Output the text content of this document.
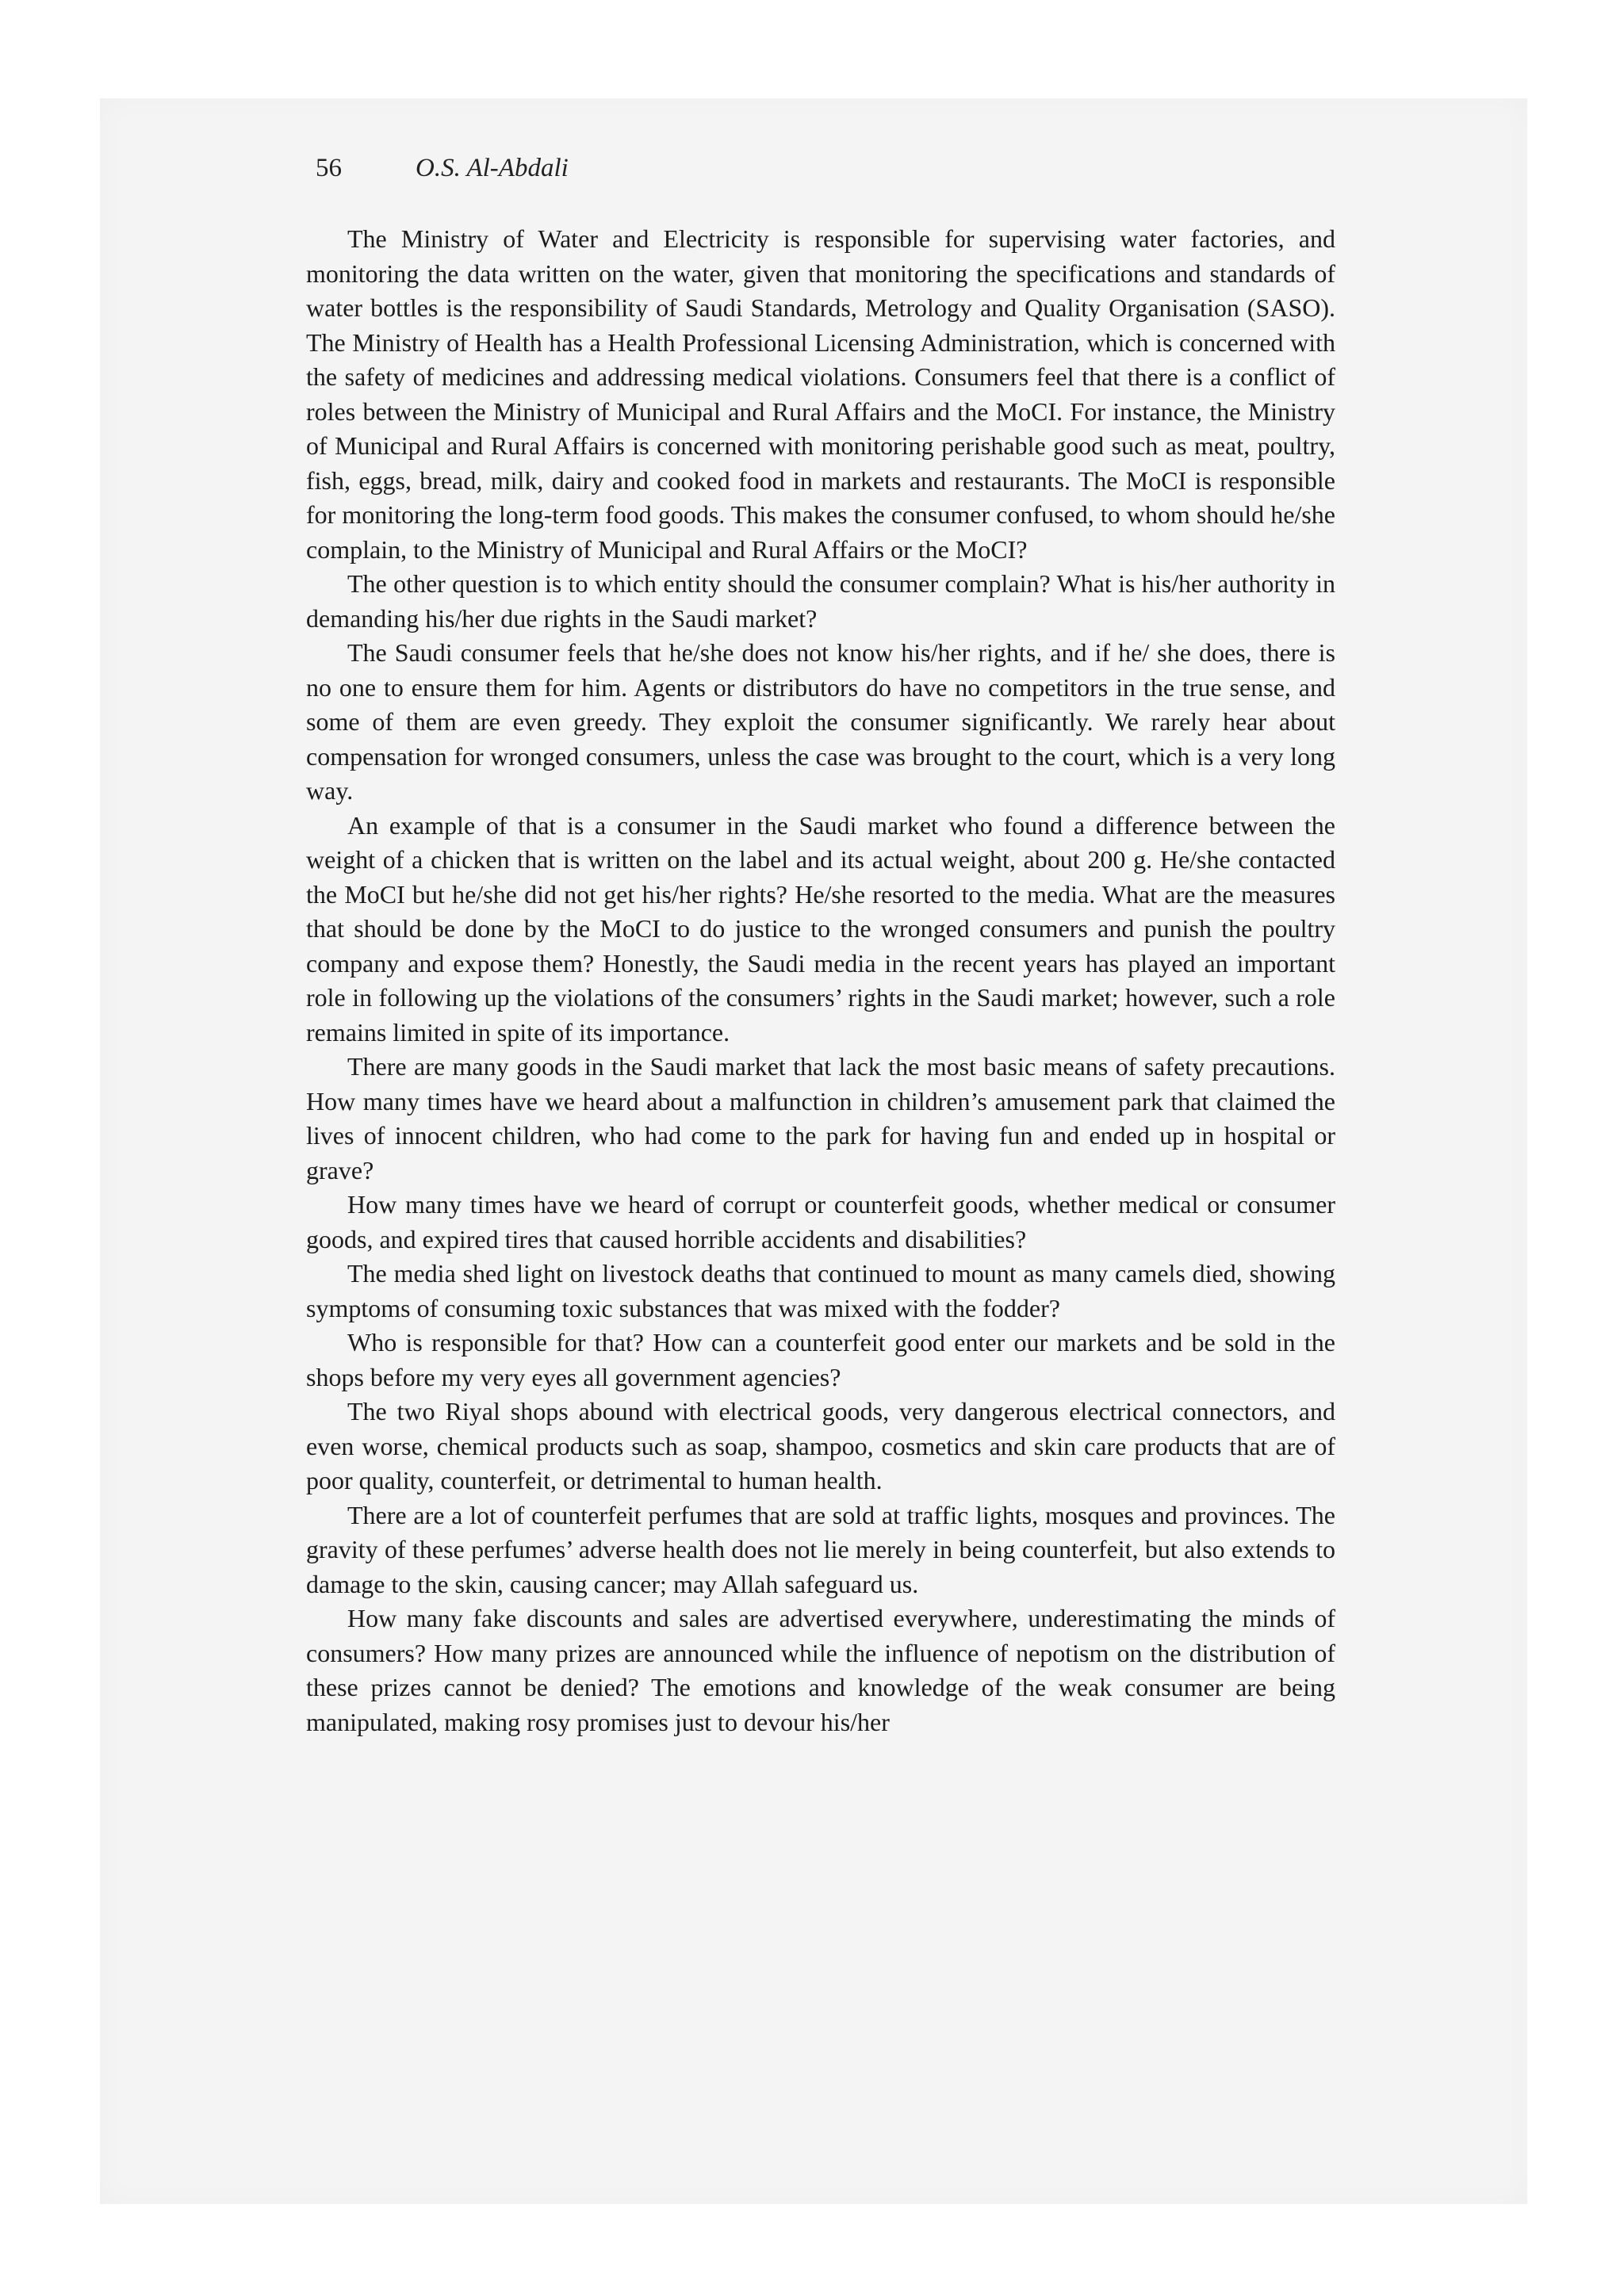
56	O.S. Al-Abdali

The Ministry of Water and Electricity is responsible for supervising water factories, and monitoring the data written on the water, given that monitoring the specifications and standards of water bottles is the responsibility of Saudi Standards, Metrology and Quality Organisation (SASO). The Ministry of Health has a Health Professional Licensing Administration, which is concerned with the safety of medicines and addressing medical violations. Consumers feel that there is a conflict of roles between the Ministry of Municipal and Rural Affairs and the MoCI. For instance, the Ministry of Municipal and Rural Affairs is concerned with monitoring perishable good such as meat, poultry, fish, eggs, bread, milk, dairy and cooked food in markets and restaurants. The MoCI is responsible for monitoring the long-term food goods. This makes the consumer confused, to whom should he/she complain, to the Ministry of Municipal and Rural Affairs or the MoCI?

The other question is to which entity should the consumer complain? What is his/her authority in demanding his/her due rights in the Saudi market?

The Saudi consumer feels that he/she does not know his/her rights, and if he/ she does, there is no one to ensure them for him. Agents or distributors do have no competitors in the true sense, and some of them are even greedy. They exploit the consumer significantly. We rarely hear about compensation for wronged consumers, unless the case was brought to the court, which is a very long way.

An example of that is a consumer in the Saudi market who found a difference between the weight of a chicken that is written on the label and its actual weight, about 200 g. He/she contacted the MoCI but he/she did not get his/her rights? He/she resorted to the media. What are the measures that should be done by the MoCI to do justice to the wronged consumers and punish the poultry company and expose them? Honestly, the Saudi media in the recent years has played an important role in following up the violations of the consumers’ rights in the Saudi market; however, such a role remains limited in spite of its importance.

There are many goods in the Saudi market that lack the most basic means of safety precautions. How many times have we heard about a malfunction in children’s amusement park that claimed the lives of innocent children, who had come to the park for having fun and ended up in hospital or grave?

How many times have we heard of corrupt or counterfeit goods, whether medical or consumer goods, and expired tires that caused horrible accidents and disabilities?

The media shed light on livestock deaths that continued to mount as many camels died, showing symptoms of consuming toxic substances that was mixed with the fodder?

Who is responsible for that? How can a counterfeit good enter our markets and be sold in the shops before my very eyes all government agencies?

The two Riyal shops abound with electrical goods, very dangerous electrical connectors, and even worse, chemical products such as soap, shampoo, cosmetics and skin care products that are of poor quality, counterfeit, or detrimental to human health.

There are a lot of counterfeit perfumes that are sold at traffic lights, mosques and provinces. The gravity of these perfumes’ adverse health does not lie merely in being counterfeit, but also extends to damage to the skin, causing cancer; may Allah safeguard us.

How many fake discounts and sales are advertised everywhere, underestimating the minds of consumers? How many prizes are announced while the influence of nepotism on the distribution of these prizes cannot be denied? The emotions and knowledge of the weak consumer are being manipulated, making rosy promises just to devour his/her
